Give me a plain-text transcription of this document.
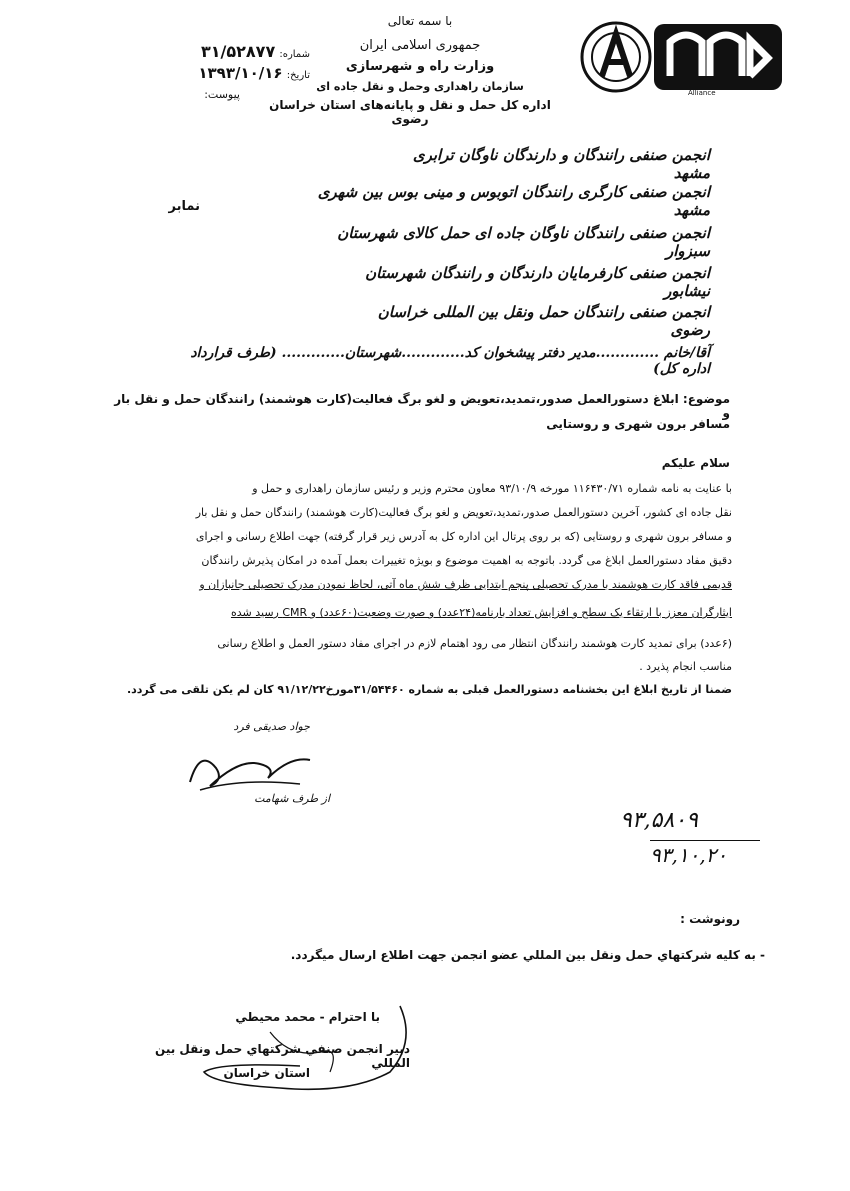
Alliance
با سمه تعالی
جمهوری اسلامی ایران
وزارت راه و شهرسازی
سازمان راهداری وحمل و نقل جاده ای
اداره کل حمل و نقل و پایانه‌های استان خراسان رضوی
شماره: ۳۱/۵۲۸۷۷
تاریخ: ۱۳۹۳/۱۰/۱۶
پیوست:
نمابر
انجمن صنفی رانندگان و دارندگان ناوگان ترابری مشهد
انجمن صنفی کارگری رانندگان اتوبوس و مینی بوس بین شهری مشهد
انجمن صنفی رانندگان ناوگان جاده ای حمل کالای شهرستان سبزوار
انجمن صنفی کارفرمایان دارندگان و رانندگان شهرستان نیشابور
انجمن صنفی رانندگان حمل ونقل بین المللی خراسان رضوی
آقا/خانم .............مدیر دفتر پیشخوان کد.............شهرستان............. (طرف قرارداد اداره کل)
موضوع: ابلاغ دستورالعمل صدور،تمدید،تعویض و لغو برگ فعالیت(کارت هوشمند) رانندگان حمل و نقل بار و
مسافر برون شهری و روستایی
سلام علیکم
با عنایت به نامه شماره ۱۱۶۴۳۰/۷۱ مورخه ۹۳/۱۰/۹ معاون محترم وزیر و رئیس سازمان راهداری و حمل و
نقل جاده ای کشور، آخرین دستورالعمل صدور،تمدید،تعویض و لغو برگ فعالیت(کارت هوشمند) رانندگان حمل و نقل بار
و مسافر برون شهری و روستایی (که بر روی پرتال این اداره کل به آدرس زیر قرار گرفته) جهت اطلاع رسانی و اجرای
دقیق مفاد دستورالعمل ابلاغ می گردد. باتوجه به اهمیت موضوع و بویژه تغییرات بعمل آمده در امکان پذیرش رانندگان
قدیمی فاقد کارت هوشمند با مدرک تحصیلی پنجم ابتدایی ظرف شش ماه آتی، لحاظ نمودن مدرک تحصیلی جانبازان و
ایثارگران معزز با ارتقاء یک سطح و افزایش تعداد بارنامه(۲۴عدد) و صورت وضعیت(۶۰عدد) و CMR رسید شده
(۶عدد) برای تمدید کارت هوشمند رانندگان انتظار می رود اهتمام لازم در اجرای مفاد دستور العمل و اطلاع رسانی
مناسب انجام پذیرد .
ضمنا از تاریخ ابلاغ این بخشنامه دستورالعمل قبلی به شماره ۳۱/۵۴۴۶۰مورخ۹۱/۱۲/۲۲ کان لم یکن تلقی می گردد.
جواد صدیقی فرد
از طرف شهامت
۹۳,۵۸۰۹
۹۳,۱۰,۲۰
رونوشت :
- به کلیه شرکتهاي حمل ونقل بين المللي عضو انجمن جهت اطلاع ارسال ميگردد.
با احترام - محمد محيطي
دبير انجمن صنفي شركتهاي حمل ونقل بين المللي
استان خراسان
